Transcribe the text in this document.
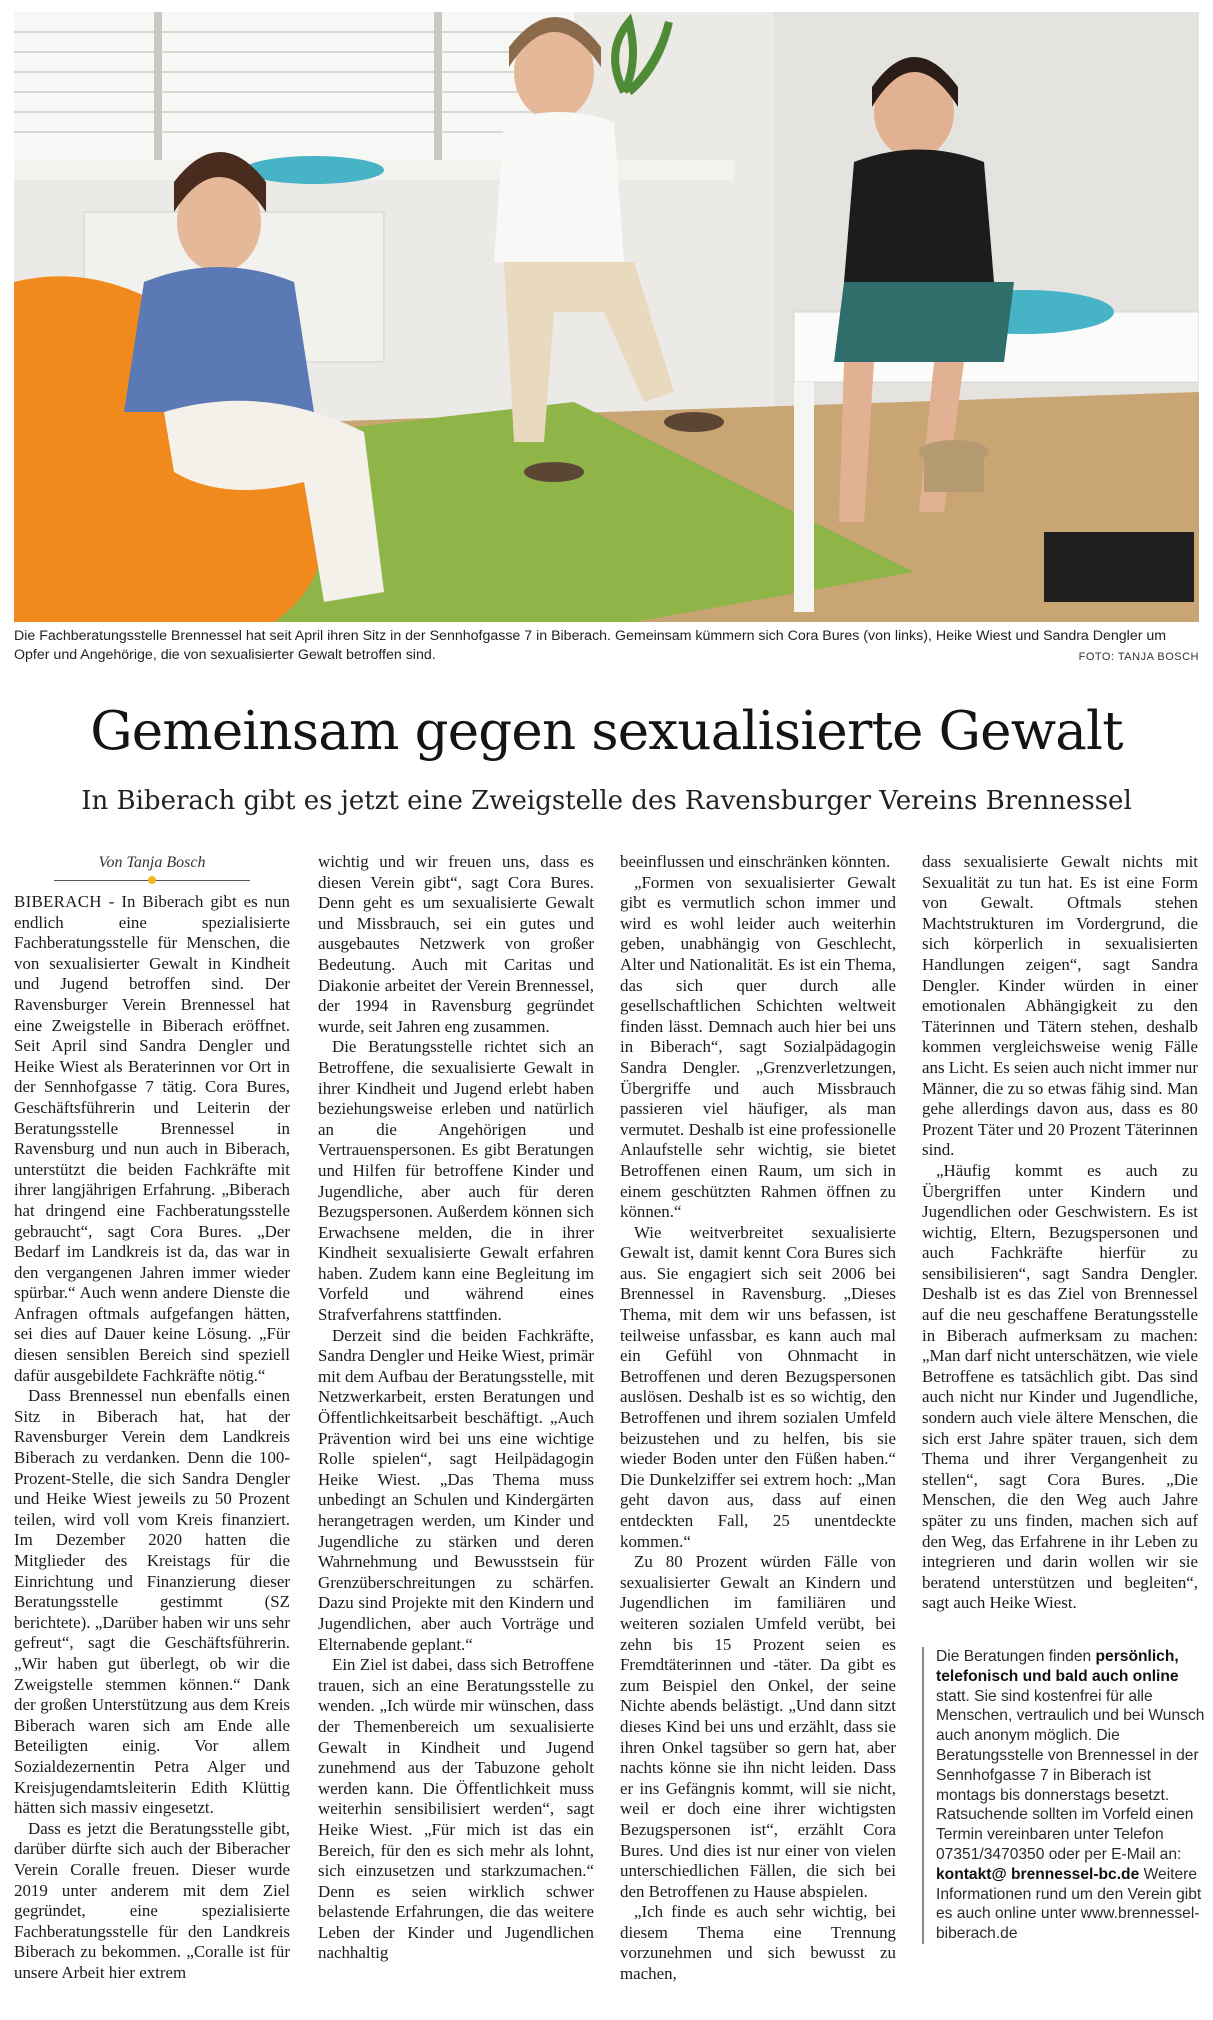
Die Fachberatungsstelle Brennessel hat seit April ihren Sitz in der Sennhofgasse 7 in Biberach. Gemeinsam kümmern sich Cora Bures (von links), Heike Wiest und Sandra Dengler um Opfer und Angehörige, die von sexualisierter Gewalt betroffen sind.	FOTO: TANJA BOSCH
Gemeinsam gegen sexualisierte Gewalt
In Biberach gibt es jetzt eine Zweigstelle des Ravensburger Vereins Brennessel
Von Tanja Bosch

BIBERACH - In Biberach gibt es nun endlich eine spezialisierte Fachberatungsstelle für Menschen, die von sexualisierter Gewalt in Kindheit und Jugend betroffen sind. Der Ravensburger Verein Brennessel hat eine Zweigstelle in Biberach eröffnet. Seit April sind Sandra Dengler und Heike Wiest als Beraterinnen vor Ort in der Sennhofgasse 7 tätig. Cora Bures, Geschäftsführerin und Leiterin der Beratungsstelle Brennessel in Ravensburg und nun auch in Biberach, unterstützt die beiden Fachkräfte mit ihrer langjährigen Erfahrung. „Biberach hat dringend eine Fachberatungsstelle gebraucht“, sagt Cora Bures. „Der Bedarf im Landkreis ist da, das war in den vergangenen Jahren immer wieder spürbar.“ Auch wenn andere Dienste die Anfragen oftmals aufgefangen hätten, sei dies auf Dauer keine Lösung. „Für diesen sensiblen Bereich sind speziell dafür ausgebildete Fachkräfte nötig.“

Dass Brennessel nun ebenfalls einen Sitz in Biberach hat, hat der Ravensburger Verein dem Landkreis Biberach zu verdanken. Denn die 100-Prozent-Stelle, die sich Sandra Dengler und Heike Wiest jeweils zu 50 Prozent teilen, wird voll vom Kreis finanziert. Im Dezember 2020 hatten die Mitglieder des Kreistags für die Einrichtung und Finanzierung dieser Beratungsstelle gestimmt (SZ berichtete). „Darüber haben wir uns sehr gefreut“, sagt die Geschäftsführerin. „Wir haben gut überlegt, ob wir die Zweigstelle stemmen können.“ Dank der großen Unterstützung aus dem Kreis Biberach waren sich am Ende alle Beteiligten einig. Vor allem Sozialdezernentin Petra Alger und Kreisjugendamtsleiterin Edith Klüttig hätten sich massiv eingesetzt.

Dass es jetzt die Beratungsstelle gibt, darüber dürfte sich auch der Biberacher Verein Coralle freuen. Dieser wurde 2019 unter anderem mit dem Ziel gegründet, eine spezialisierte Fachberatungsstelle für den Landkreis Biberach zu bekommen. „Coralle ist für unsere Arbeit hier extrem

wichtig und wir freuen uns, dass es diesen Verein gibt“, sagt Cora Bures. Denn geht es um sexualisierte Gewalt und Missbrauch, sei ein gutes und ausgebautes Netzwerk von großer Bedeutung. Auch mit Caritas und Diakonie arbeitet der Verein Brennessel, der 1994 in Ravensburg gegründet wurde, seit Jahren eng zusammen.

Die Beratungsstelle richtet sich an Betroffene, die sexualisierte Gewalt in ihrer Kindheit und Jugend erlebt haben beziehungsweise erleben und natürlich an die Angehörigen und Vertrauenspersonen. Es gibt Beratungen und Hilfen für betroffene Kinder und Jugendliche, aber auch für deren Bezugspersonen. Außerdem können sich Erwachsene melden, die in ihrer Kindheit sexualisierte Gewalt erfahren haben. Zudem kann eine Begleitung im Vorfeld und während eines Strafverfahrens stattfinden.

Derzeit sind die beiden Fachkräfte, Sandra Dengler und Heike Wiest, primär mit dem Aufbau der Beratungsstelle, mit Netzwerkarbeit, ersten Beratungen und Öffentlichkeitsarbeit beschäftigt. „Auch Prävention wird bei uns eine wichtige Rolle spielen“, sagt Heilpädagogin Heike Wiest. „Das Thema muss unbedingt an Schulen und Kindergärten herangetragen werden, um Kinder und Jugendliche zu stärken und deren Wahrnehmung und Bewusstsein für Grenzüberschreitungen zu schärfen. Dazu sind Projekte mit den Kindern und Jugendlichen, aber auch Vorträge und Elternabende geplant.“

Ein Ziel ist dabei, dass sich Betroffene trauen, sich an eine Beratungsstelle zu wenden. „Ich würde mir wünschen, dass der Themenbereich um sexualisierte Gewalt in Kindheit und Jugend zunehmend aus der Tabuzone geholt werden kann. Die Öffentlichkeit muss weiterhin sensibilisiert werden“, sagt Heike Wiest. „Für mich ist das ein Bereich, für den es sich mehr als lohnt, sich einzusetzen und starkzumachen.“ Denn es seien wirklich schwer belastende Erfahrungen, die das weitere Leben der Kinder und Jugendlichen nachhaltig

beeinflussen und einschränken könnten.

„Formen von sexualisierter Gewalt gibt es vermutlich schon immer und wird es wohl leider auch weiterhin geben, unabhängig von Geschlecht, Alter und Nationalität. Es ist ein Thema, das sich quer durch alle gesellschaftlichen Schichten weltweit finden lässt. Demnach auch hier bei uns in Biberach“, sagt Sozialpädagogin Sandra Dengler. „Grenzverletzungen, Übergriffe und auch Missbrauch passieren viel häufiger, als man vermutet. Deshalb ist eine professionelle Anlaufstelle sehr wichtig, sie bietet Betroffenen einen Raum, um sich in einem geschützten Rahmen öffnen zu können.“

Wie weitverbreitet sexualisierte Gewalt ist, damit kennt Cora Bures sich aus. Sie engagiert sich seit 2006 bei Brennessel in Ravensburg. „Dieses Thema, mit dem wir uns befassen, ist teilweise unfassbar, es kann auch mal ein Gefühl von Ohnmacht in Betroffenen und deren Bezugspersonen auslösen. Deshalb ist es so wichtig, den Betroffenen und ihrem sozialen Umfeld beizustehen und zu helfen, bis sie wieder Boden unter den Füßen haben.“ Die Dunkelziffer sei extrem hoch: „Man geht davon aus, dass auf einen entdeckten Fall, 25 unentdeckte kommen.“

Zu 80 Prozent würden Fälle von sexualisierter Gewalt an Kindern und Jugendlichen im familiären und weiteren sozialen Umfeld verübt, bei zehn bis 15 Prozent seien es Fremdtäterinnen und -täter. Da gibt es zum Beispiel den Onkel, der seine Nichte abends belästigt. „Und dann sitzt dieses Kind bei uns und erzählt, dass sie ihren Onkel tagsüber so gern hat, aber nachts könne sie ihn nicht leiden. Dass er ins Gefängnis kommt, will sie nicht, weil er doch eine ihrer wichtigsten Bezugspersonen ist“, erzählt Cora Bures. Und dies ist nur einer von vielen unterschiedlichen Fällen, die sich bei den Betroffenen zu Hause abspielen.

„Ich finde es auch sehr wichtig, bei diesem Thema eine Trennung vorzunehmen und sich bewusst zu machen,

dass sexualisierte Gewalt nichts mit Sexualität zu tun hat. Es ist eine Form von Gewalt. Oftmals stehen Machtstrukturen im Vordergrund, die sich körperlich in sexualisierten Handlungen zeigen“, sagt Sandra Dengler. Kinder würden in einer emotionalen Abhängigkeit zu den Täterinnen und Tätern stehen, deshalb kommen vergleichsweise wenig Fälle ans Licht. Es seien auch nicht immer nur Männer, die zu so etwas fähig sind. Man gehe allerdings davon aus, dass es 80 Prozent Täter und 20 Prozent Täterinnen sind.

„Häufig kommt es auch zu Übergriffen unter Kindern und Jugendlichen oder Geschwistern. Es ist wichtig, Eltern, Bezugspersonen und auch Fachkräfte hierfür zu sensibilisieren“, sagt Sandra Dengler. Deshalb ist es das Ziel von Brennessel auf die neu geschaffene Beratungsstelle in Biberach aufmerksam zu machen: „Man darf nicht unterschätzen, wie viele Betroffene es tatsächlich gibt. Das sind auch nicht nur Kinder und Jugendliche, sondern auch viele ältere Menschen, die sich erst Jahre später trauen, sich dem Thema und ihrer Vergangenheit zu stellen“, sagt Cora Bures. „Die Menschen, die den Weg auch Jahre später zu uns finden, machen sich auf den Weg, das Erfahrene in ihr Leben zu integrieren und darin wollen wir sie beratend unterstützen und begleiten“, sagt auch Heike Wiest.

Die Beratungen finden persönlich, telefonisch und bald auch online statt. Sie sind kostenfrei für alle Menschen, vertraulich und bei Wunsch auch anonym möglich. Die Beratungsstelle von Brennessel in der Sennhofgasse 7 in Biberach ist montags bis donnerstags besetzt. Ratsuchende sollten im Vorfeld einen Termin vereinbaren unter Telefon 07351/3470350 oder per E-Mail an: kontakt@ brennessel-bc.de Weitere Informationen rund um den Verein gibt es auch online unter www.brennessel-biberach.de
